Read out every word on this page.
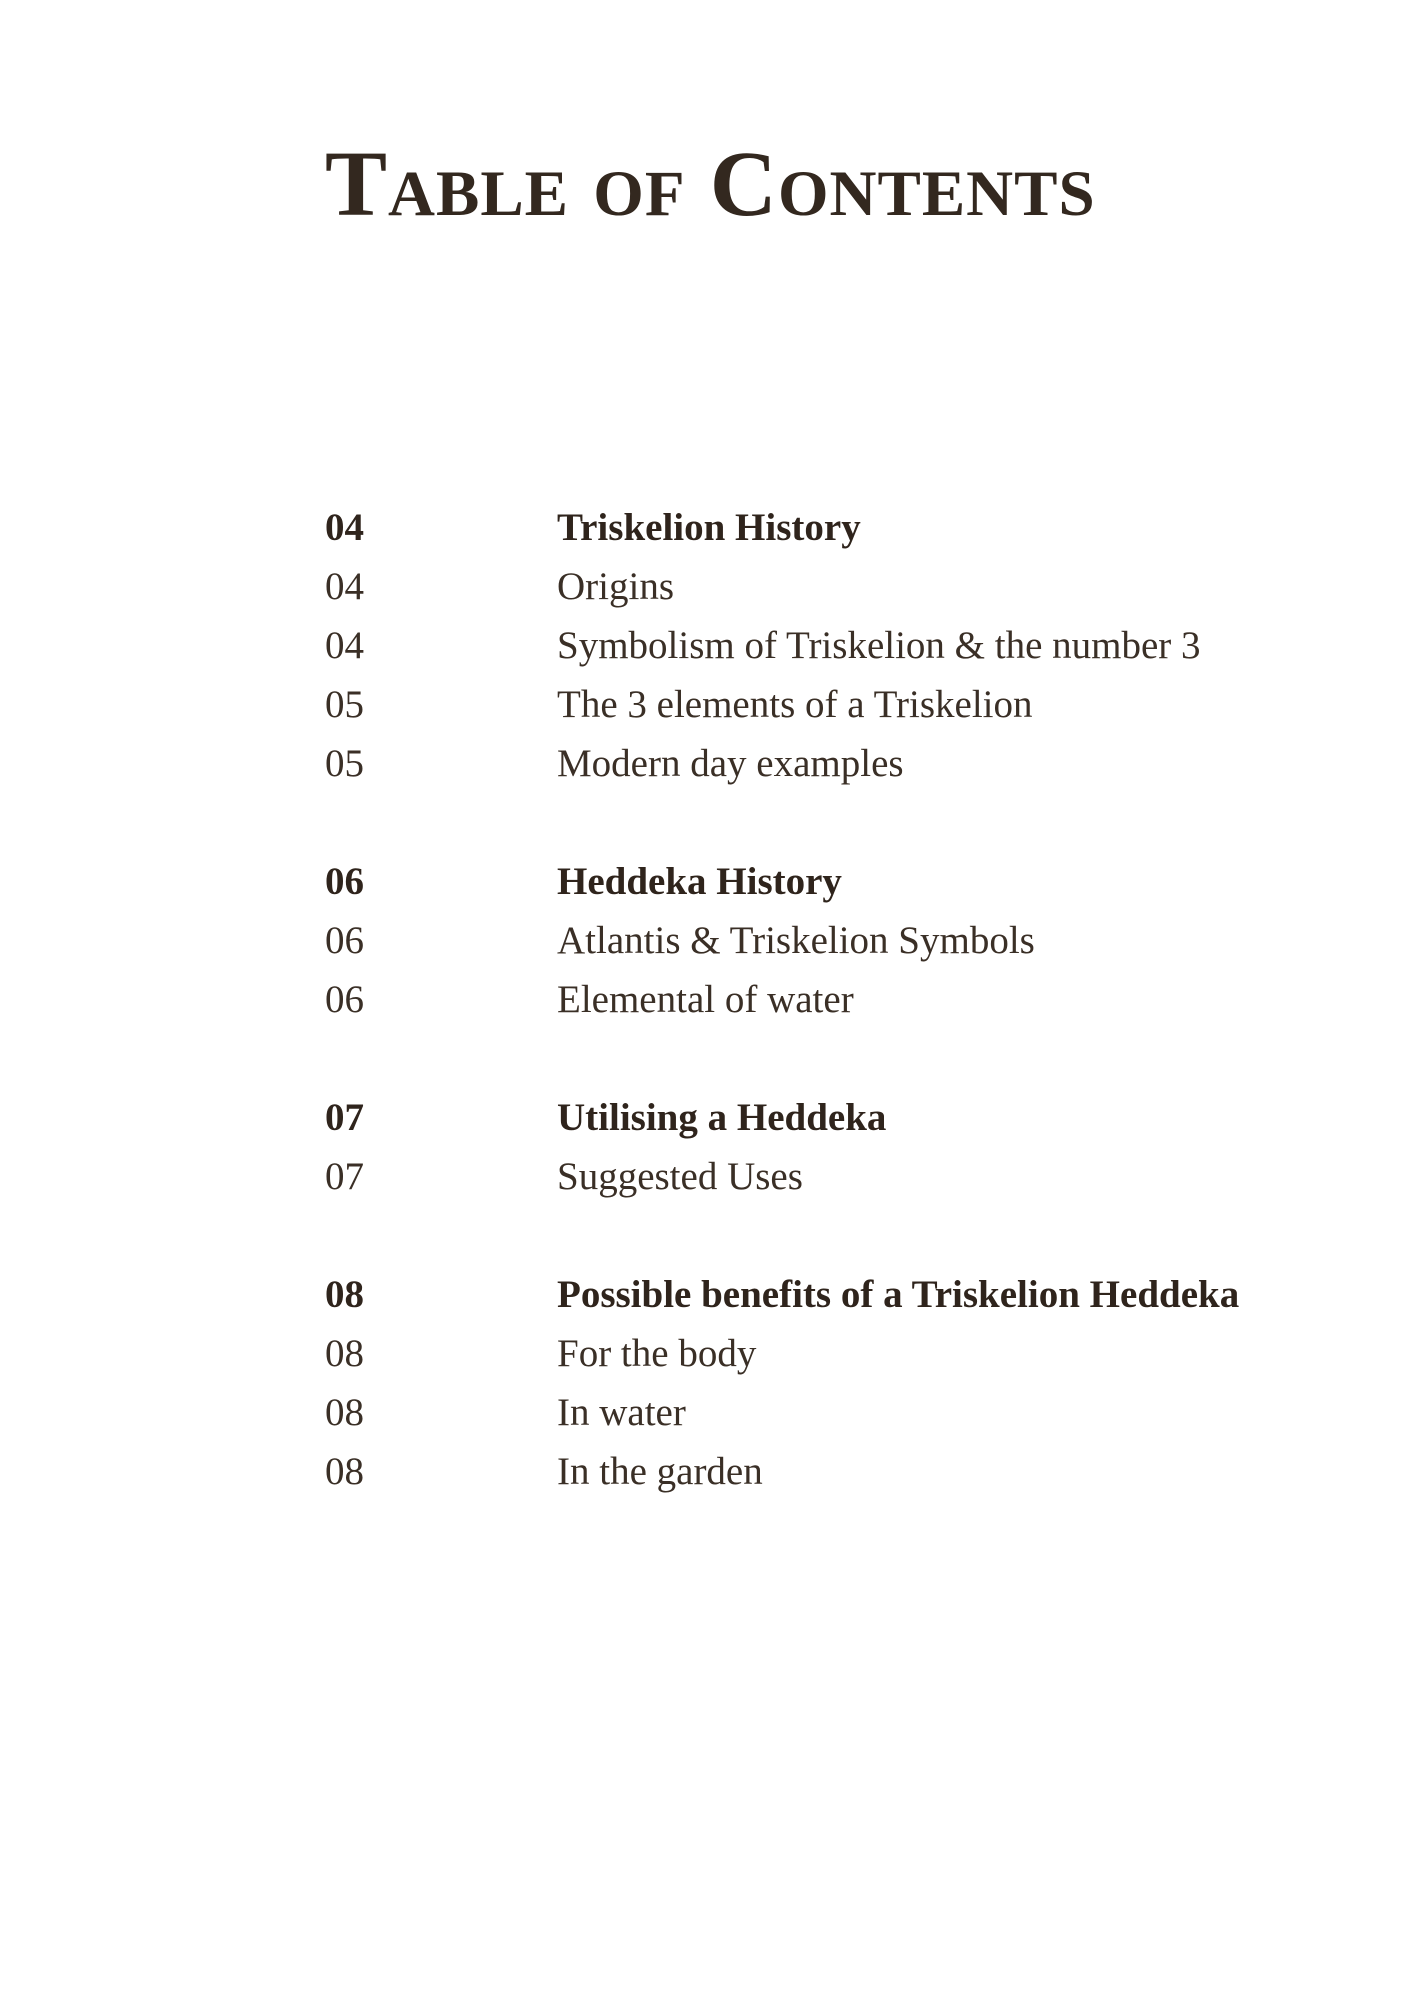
Table of Contents
04	Triskelion History
04	Origins
04	Symbolism of Triskelion & the number 3
05	The 3 elements of a Triskelion
05	Modern day examples
06	Heddeka History
06	Atlantis & Triskelion Symbols
06	Elemental of water
07	Utilising a Heddeka
07	Suggested Uses
08	Possible benefits of a Triskelion Heddeka
08	For the body
08	In water
08	In the garden
